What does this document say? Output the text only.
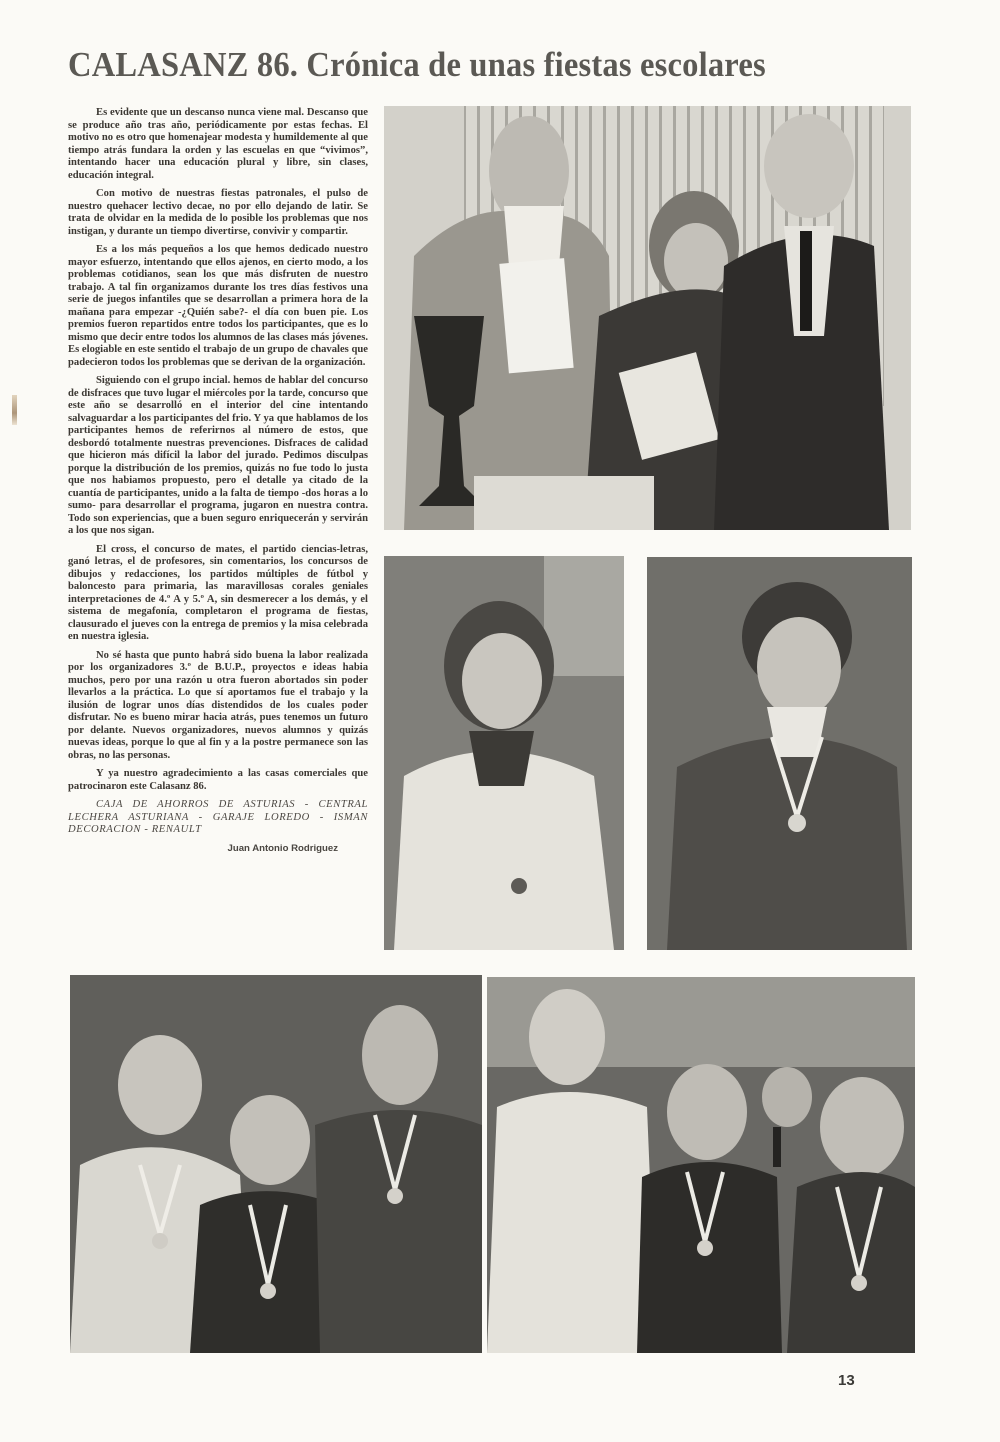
CALASANZ 86. Crónica de unas fiestas escolares

Es evidente que un descanso nunca viene mal. Descanso que se produce año tras año, periódicamente por estas fechas. El motivo no es otro que homenajear modesta y humildemente al que tiempo atrás fundara la orden y las escuelas en que “vivimos”, intentando hacer una educación plural y libre, sin clases, educación integral.

Con motivo de nuestras fiestas patronales, el pulso de nuestro quehacer lectivo decae, no por ello dejando de latir. Se trata de olvidar en la medida de lo posible los problemas que nos instigan, y durante un tiempo divertirse, convivir y compartir.

Es a los más pequeños a los que hemos dedicado nuestro mayor esfuerzo, intentando que ellos ajenos, en cierto modo, a los problemas cotidianos, sean los que más disfruten de nuestro trabajo. A tal fin organizamos durante los tres días festivos una serie de juegos infantiles que se desarrollan a primera hora de la mañana para empezar -¿Quién sabe?- el día con buen pie. Los premios fueron repartidos entre todos los participantes, que es lo mismo que decir entre todos los alumnos de las clases más jóvenes. Es elogiable en este sentido el trabajo de un grupo de chavales que padecieron todos los problemas que se derivan de la organización.

Siguiendo con el grupo incial. hemos de hablar del concurso de disfraces que tuvo lugar el miércoles por la tarde, concurso que este año se desarrolló en el interior del cine intentando salvaguardar a los participantes del frio. Y ya que hablamos de los participantes hemos de referirnos al número de estos, que desbordó totalmente nuestras prevenciones. Disfraces de calidad que hicieron más difícil la labor del jurado. Pedimos disculpas porque la distribución de los premios, quizás no fue todo lo justa que nos habiamos propuesto, pero el detalle ya citado de la cuantía de participantes, unido a la falta de tiempo -dos horas a lo sumo- para desarrollar el programa, jugaron en nuestra contra. Todo son experiencias, que a buen seguro enriquecerán y servirán a los que nos sigan.

El cross, el concurso de mates, el partido ciencias-letras, ganó letras, el de profesores, sin comentarios, los concursos de dibujos y redacciones, los partidos múltiples de fútbol y baloncesto para primaria, las maravillosas corales geniales interpretaciones de 4.º A y 5.º A, sin desmerecer a los demás, y el sistema de megafonía, completaron el programa de fiestas, clausurado el jueves con la entrega de premios y la misa celebrada en nuestra iglesia.

No sé hasta que punto habrá sido buena la labor realizada por los organizadores 3.º de B.U.P., proyectos e ideas habia muchos, pero por una razón u otra fueron abortados sin poder llevarlos a la práctica. Lo que sí aportamos fue el trabajo y la ilusión de lograr unos días distendidos de los cuales poder disfrutar. No es bueno mirar hacia atrás, pues tenemos un futuro por delante. Nuevos organizadores, nuevos alumnos y quizás nuevas ideas, porque lo que al fin y a la postre permanece son las obras, no las personas.

Y ya nuestro agradecimiento a las casas comerciales que patrocinaron este Calasanz 86.

CAJA DE AHORROS DE ASTURIAS - CENTRAL LECHERA ASTURIANA - GARAJE LOREDO - ISMAN DECORACION - RENAULT

Juan Antonio Rodriguez
13
